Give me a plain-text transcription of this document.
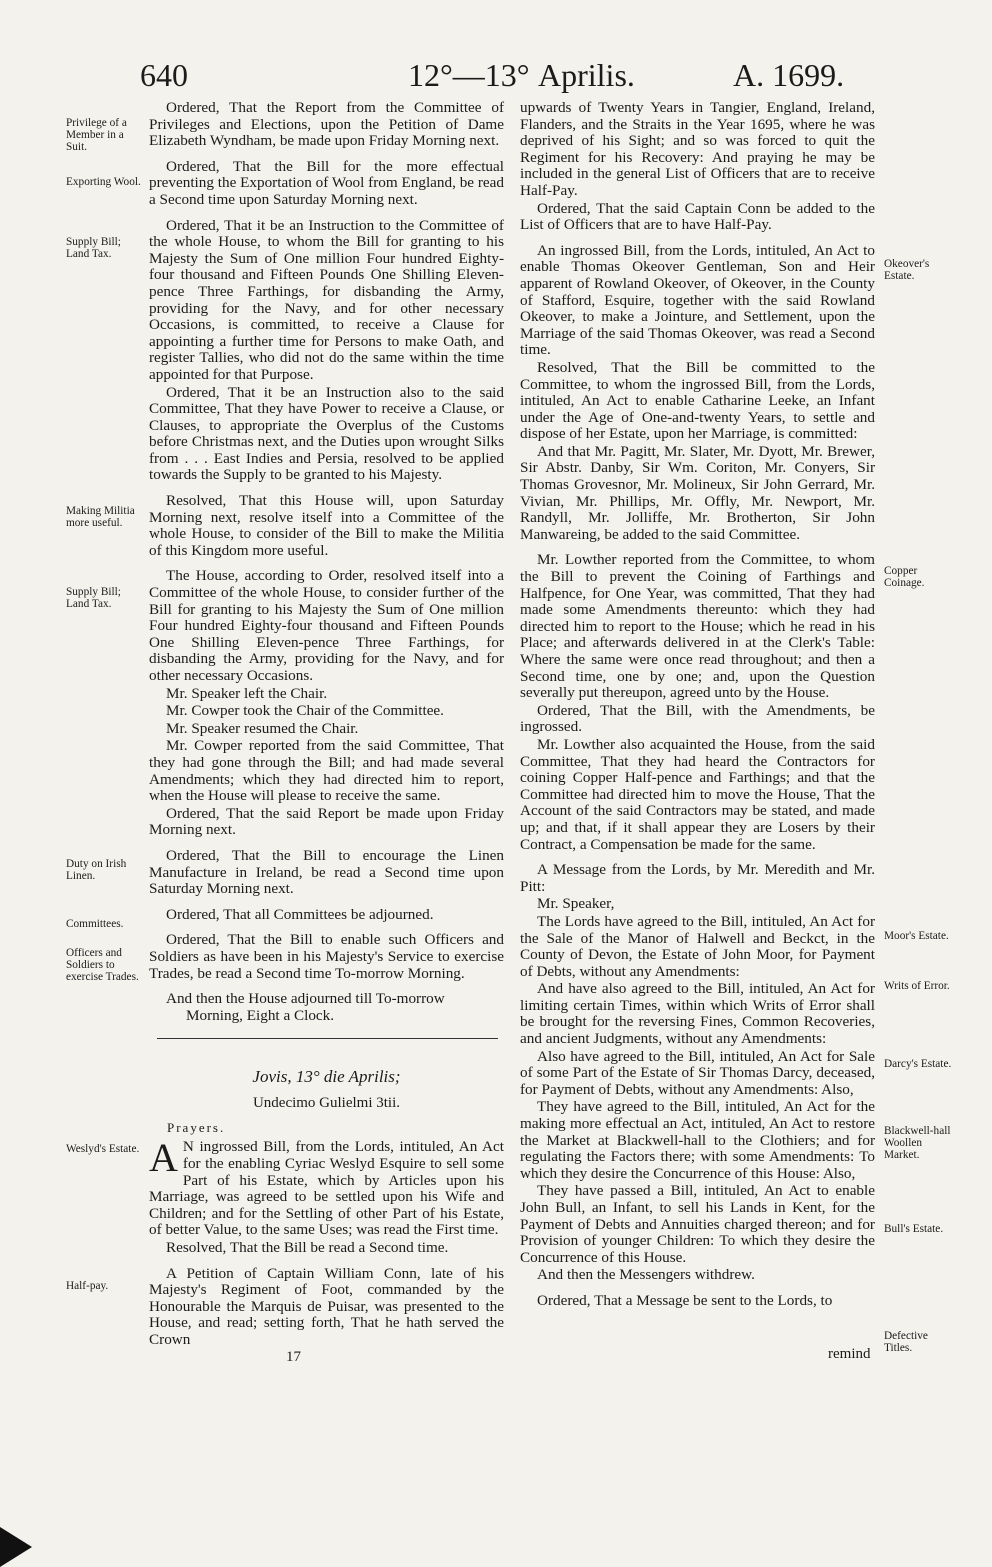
640	12°—13° Aprilis.	A. 1699.
Privilege of a Member in a Suit.
Exporting Wool.
Supply Bill; Land Tax.
Making Militia more useful.
Supply Bill; Land Tax.
Duty on Irish Linen.
Committees.
Officers and Soldiers to exercise Trades.
Weslyd's Estate.
Half-pay.
Okeover's Estate.
Copper Coinage.
Moor's Estate.
Writs of Error.
Darcy's Estate.
Blackwell-hall Woollen Market.
Bull's Estate.
Defective Titles.

Ordered, That the Report from the Committee of Privileges and Elections, upon the Petition of Dame Elizabeth Wyndham, be made upon Friday Morning next.

Ordered, That the Bill for the more effectual preventing the Exportation of Wool from England, be read a Second time upon Saturday Morning next.

Ordered, That it be an Instruction to the Committee of the whole House, to whom the Bill for granting to his Majesty the Sum of One million Four hundred Eighty-four thousand and Fifteen Pounds One Shilling Eleven-pence Three Farthings, for disbanding the Army, providing for the Navy, and for other necessary Occasions, is committed, to receive a Clause for appointing a further time for Persons to make Oath, and register Tallies, who did not do the same within the time appointed for that Purpose.

Ordered, That it be an Instruction also to the said Committee, That they have Power to receive a Clause, or Clauses, to appropriate the Overplus of the Customs before Christmas next, and the Duties upon wrought Silks from . . . East Indies and Persia, resolved to be applied towards the Supply to be granted to his Majesty.

Resolved, That this House will, upon Saturday Morning next, resolve itself into a Committee of the whole House, to consider of the Bill to make the Militia of this Kingdom more useful.

The House, according to Order, resolved itself into a Committee of the whole House, to consider further of the Bill for granting to his Majesty the Sum of One million Four hundred Eighty-four thousand and Fifteen Pounds One Shilling Eleven-pence Three Farthings, for disbanding the Army, providing for the Navy, and for other necessary Occasions.

Mr. Speaker left the Chair.

Mr. Cowper took the Chair of the Committee.

Mr. Speaker resumed the Chair.

Mr. Cowper reported from the said Committee, That they had gone through the Bill; and had made several Amendments; which they had directed him to report, when the House will please to receive the same.

Ordered, That the said Report be made upon Friday Morning next.

Ordered, That the Bill to encourage the Linen Manufacture in Ireland, be read a Second time upon Saturday Morning next.

Ordered, That all Committees be adjourned.

Ordered, That the Bill to enable such Officers and Soldiers as have been in his Majesty's Service to exercise Trades, be read a Second time To-morrow Morning.

And then the House adjourned till To-morrow Morning, Eight a Clock.

Jovis, 13° die Aprilis;
Undecimo Gulielmi 3tii.
Prayers.

A N ingrossed Bill, from the Lords, intituled, An Act for the enabling Cyriac Weslyd Esquire to sell some Part of his Estate, which by Articles upon his Marriage, was agreed to be settled upon his Wife and Children; and for the Settling of other Part of his Estate, of better Value, to the same Uses; was read the First time.

Resolved, That the Bill be read a Second time.

A Petition of Captain William Conn, late of his Majesty's Regiment of Foot, commanded by the Honourable the Marquis de Puisar, was presented to the House, and read; setting forth, That he hath served the Crown

17

upwards of Twenty Years in Tangier, England, Ireland, Flanders, and the Straits in the Year 1695, where he was deprived of his Sight; and so was forced to quit the Regiment for his Recovery: And praying he may be included in the general List of Officers that are to receive Half-Pay.

Ordered, That the said Captain Conn be added to the List of Officers that are to have Half-Pay.

An ingrossed Bill, from the Lords, intituled, An Act to enable Thomas Okeover Gentleman, Son and Heir apparent of Rowland Okeover, of Okeover, in the County of Stafford, Esquire, together with the said Rowland Okeover, to make a Jointure, and Settlement, upon the Marriage of the said Thomas Okeover, was read a Second time.

Resolved, That the Bill be committed to the Committee, to whom the ingrossed Bill, from the Lords, intituled, An Act to enable Catharine Leeke, an Infant under the Age of One-and-twenty Years, to settle and dispose of her Estate, upon her Marriage, is committed:

And that Mr. Pagitt, Mr. Slater, Mr. Dyott, Mr. Brewer, Sir Abstr. Danby, Sir Wm. Coriton, Mr. Conyers, Sir Thomas Grovesnor, Mr. Molineux, Sir John Gerrard, Mr. Vivian, Mr. Phillips, Mr. Offly, Mr. Newport, Mr. Randyll, Mr. Jolliffe, Mr. Brotherton, Sir John Manwareing, be added to the said Committee.

Mr. Lowther reported from the Committee, to whom the Bill to prevent the Coining of Farthings and Halfpence, for One Year, was committed, That they had made some Amendments thereunto: which they had directed him to report to the House; which he read in his Place; and afterwards delivered in at the Clerk's Table: Where the same were once read throughout; and then a Second time, one by one; and, upon the Question severally put thereupon, agreed unto by the House.

Ordered, That the Bill, with the Amendments, be ingrossed.

Mr. Lowther also acquainted the House, from the said Committee, That they had heard the Contractors for coining Copper Half-pence and Farthings; and that the Committee had directed him to move the House, That the Account of the said Contractors may be stated, and made up; and that, if it shall appear they are Losers by their Contract, a Compensation be made for the same.

A Message from the Lords, by Mr. Meredith and Mr. Pitt:

Mr. Speaker,

The Lords have agreed to the Bill, intituled, An Act for the Sale of the Manor of Halwell and Beckct, in the County of Devon, the Estate of John Moor, for Payment of Debts, without any Amendments:

And have also agreed to the Bill, intituled, An Act for limiting certain Times, within which Writs of Error shall be brought for the reversing Fines, Common Recoveries, and ancient Judgments, without any Amendments:

Also have agreed to the Bill, intituled, An Act for Sale of some Part of the Estate of Sir Thomas Darcy, deceased, for Payment of Debts, without any Amendments: Also,

They have agreed to the Bill, intituled, An Act for the making more effectual an Act, intituled, An Act to restore the Market at Blackwell-hall to the Clothiers; and for regulating the Factors there; with some Amendments: To which they desire the Concurrence of this House: Also,

They have passed a Bill, intituled, An Act to enable John Bull, an Infant, to sell his Lands in Kent, for the Payment of Debts and Annuities charged thereon; and for Provision of younger Children: To which they desire the Concurrence of this House.

And then the Messengers withdrew.

Ordered, That a Message be sent to the Lords, to

remind
